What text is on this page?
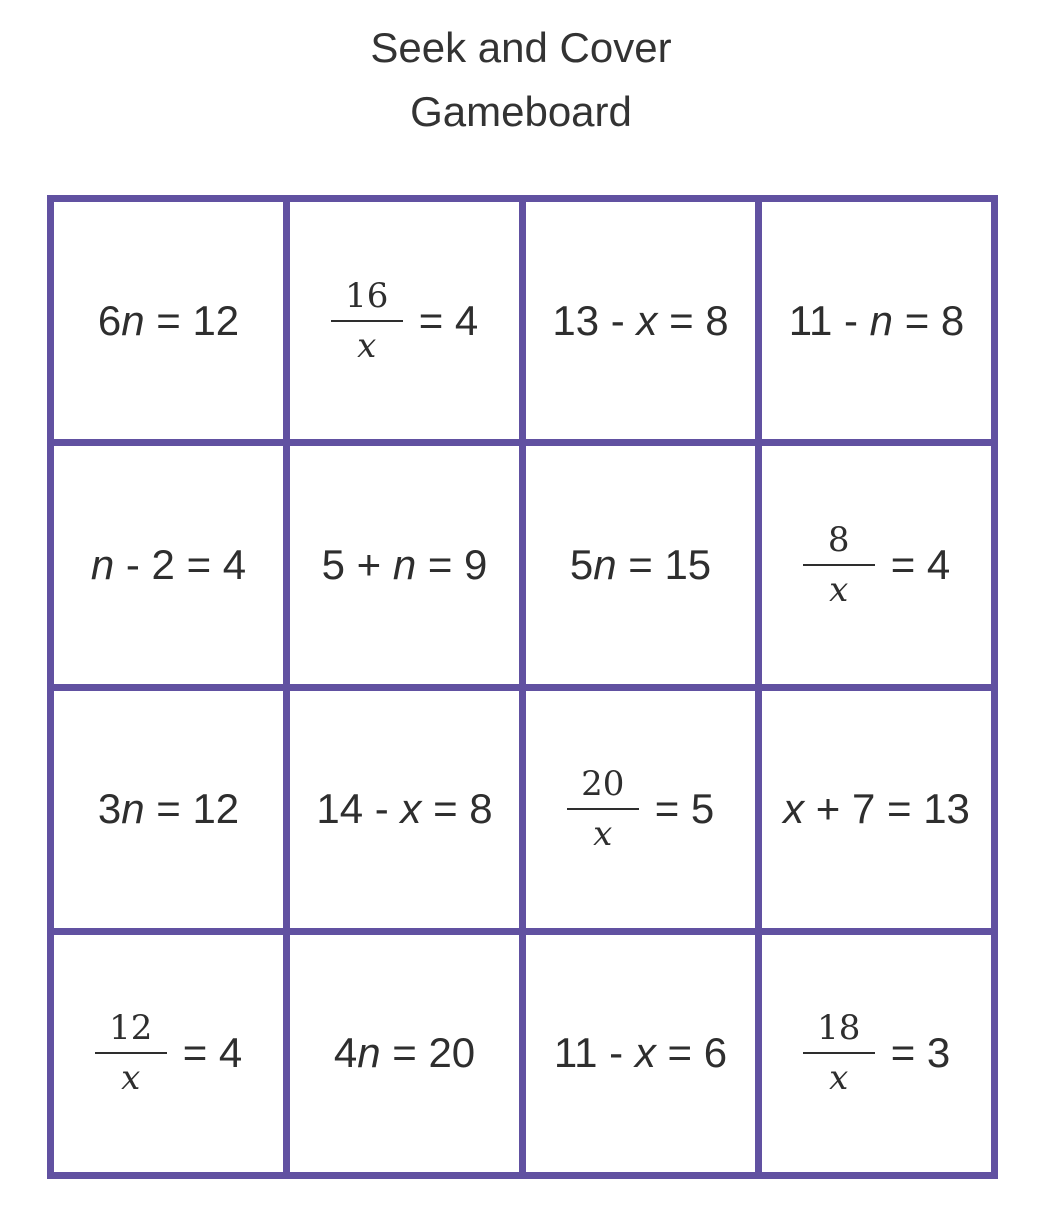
Seek and Cover
Gameboard
6 n = 12	$\frac{16}{x} = 4$ 13 - x = 8 11 - n = 8
n - 2 = 4 5 + n = 9 5 n = 15	$\frac{8}{x} = 4$
3 n = 12 $14 - x = 8 \frac{20}{x} = 5$ x + 7 = 13
$\frac{12}{x} = 4$ 4 n = 20 $11 - x = 6 \frac{18}{x} = 3$
